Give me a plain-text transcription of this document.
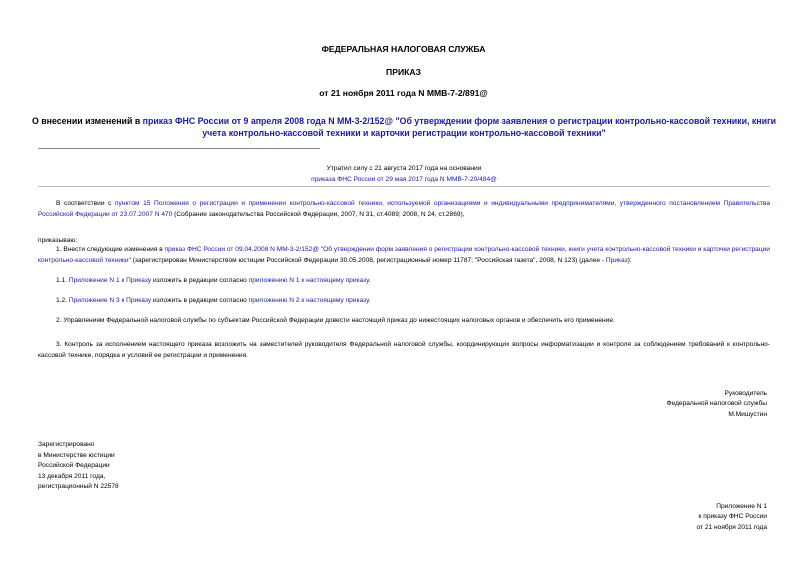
ФЕДЕРАЛЬНАЯ НАЛОГОВАЯ СЛУЖБА
ПРИКАЗ
от 21 ноября 2011 года N ММВ-7-2/891@
О внесении изменений в приказ ФНС России от 9 апреля 2008 года N ММ-3-2/152@ "Об утверждении форм заявления о регистрации контрольно-кассовой техники, книги учета контрольно-кассовой техники и карточки регистрации контрольно-кассовой техники"
Утратил силу с 21 августа 2017 года на основании
приказа ФНС России от 29 мая 2017 года N ММВ-7-20/484@
В соответствии с пунктом 15 Положения о регистрации и применении контрольно-кассовой техники, используемой организациями и индивидуальными предпринимателями, утвержденного постановлением Правительства Российской Федерации от 23.07.2007 N 470 (Собрание законодательства Российской Федерации, 2007, N 31, ст.4089; 2008, N 24, ст.2869),
приказываю:
1. Внести следующие изменения в приказ ФНС России от 09.04.2008 N ММ-3-2/152@ "Об утверждении форм заявления о регистрации контрольно-кассовой техники, книги учета контрольно-кассовой техники и карточки регистрации контрольно-кассовой техники" (зарегистрирован Министерством юстиции Российской Федерации 30.05.2008, регистрационный номер 11787; "Российская газета", 2008, N 123) (далее - Приказ):
1.1. Приложение N 1 к Приказу изложить в редакции согласно приложению N 1 к настоящему приказу.
1.2. Приложение N 3 к Приказу изложить в редакции согласно приложению N 2 к настоящему приказу.
2. Управлениям Федеральной налоговой службы по субъектам Российской Федерации довести настоящий приказ до нижестоящих налоговых органов и обеспечить его применение.
3. Контроль за исполнением настоящего приказа возложить на заместителей руководителя Федеральной налоговой службы, координирующих вопросы информатизации и контроля за соблюдением требований к контрольно-кассовой технике, порядка и условий ее регистрации и применения.
Руководитель
Федеральной налоговой службы
М.Мишустин
Зарегистрировано
в Министерстве юстиции
Российской Федерации
13 декабря 2011 года,
регистрационный N 22578
Приложение N 1
к приказу ФНС России
от 21 ноября 2011 года
